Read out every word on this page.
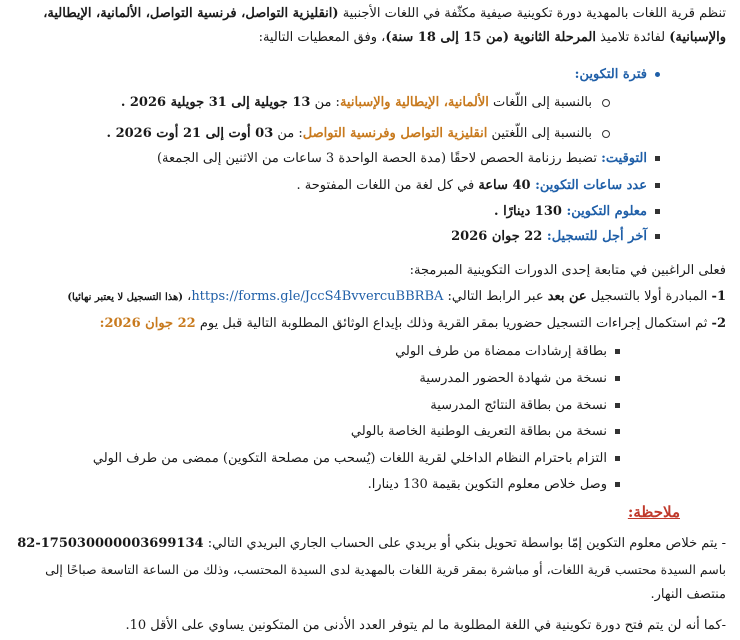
تنظم قرية اللغات بالمهدية دورة تكوينية صيفية مكثّفة في اللغات الأجنبية (انقليزية التواصل، فرنسية التواصل، الألمانية، الإيطالية،
والإسبانية) لفائدة تلاميذ المرحلة الثانوية (من 15 إلى 18 سنة)، وفق المعطيات التالية:
فترة التكوين:
بالنسبة إلى اللّغات الألمانية، الإيطالية والإسبانية: من 13 جويلية إلى 31 جويلية 2026 .
بالنسبة إلى اللّغتين انقليزية التواصل وفرنسية التواصل: من 03 أوت إلى 21 أوت 2026 .
التوقيت: تضبط رزنامة الحصص لاحقًا (مدة الحصة الواحدة 3 ساعات من الاثنين إلى الجمعة)
عدد ساعات التكوين: 40 ساعة في كل لغة من اللغات المفتوحة .
معلوم التكوين: 130 دينارًا .
آخر أجل للتسجيل: 22 جوان 2026
فعلى الراغبين في متابعة إحدى الدورات التكوينية المبرمجة:
1- المبادرة أولا بالتسجيل عن بعد عبر الرابط التالي: https://forms.gle/JccS4BvvercuBBRBA، (هذا التسجيل لا يعتبر نهائيا)
2- ثم استكمال إجراءات التسجيل حضوريا بمقر القرية وذلك بإيداع الوثائق المطلوبة التالية قبل يوم 22 جوان 2026:
بطاقة إرشادات ممضاة من طرف الولي
نسخة من شهادة الحضور المدرسية
نسخة من بطاقة النتائج المدرسية
نسخة من بطاقة التعريف الوطنية الخاصة بالولي
التزام باحترام النظام الداخلي لقرية اللغات (يُسحب من مصلحة التكوين) ممضى من طرف الولي
وصل خلاص معلوم التكوين بقيمة 130 دينارا.
ملاحظة:
- يتم خلاص معلوم التكوين إمّا بواسطة تحويل بنكي أو بريدي على الحساب الجاري البريدي التالي: 82-175030000003699134
باسم السيدة محتسب قرية اللغات، أو مباشرة بمقر قرية اللغات بالمهدية لدى السيدة المحتسب، وذلك من الساعة التاسعة صباحًا إلى
منتصف النهار.
-كما أنه لن يتم فتح دورة تكوينية في اللغة المطلوبة ما لم يتوفر العدد الأدنى من المتكونين يساوي على الأقل 10.
